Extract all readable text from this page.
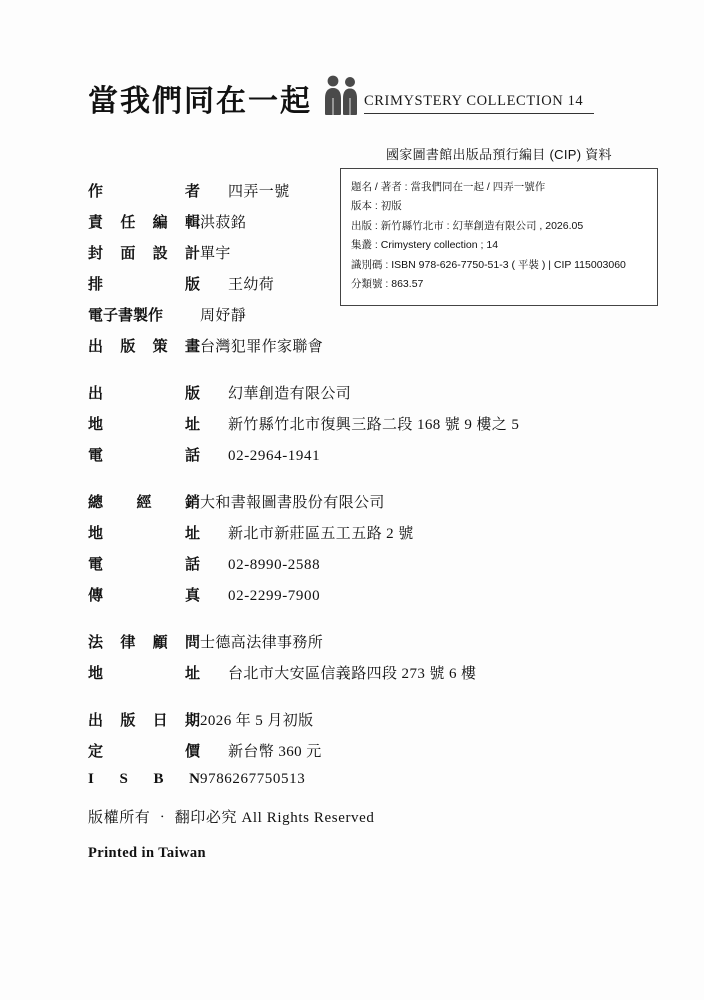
當我們同在一起	CRIMYSTERY COLLECTION 14
國家圖書館出版品預行編目 (CIP) 資料
題名 / 著者 : 當我們同在一起 / 四弄一號作
版本 : 初版
出版 : 新竹縣竹北市 : 幻華創造有限公司 , 2026.05
集叢 : Crimystery collection ; 14
識別碼 : ISBN 978-626-7750-51-3 ( 平裝 ) | CIP 115003060
分類號 : 863.57
作	者 四弄一號
責 任 編 輯 洪菽銘
封 面 設 計 單宇
排	版 王幼荷
電子書製作 周妤靜
出 版 策 畫 台灣犯罪作家聯會
出	版 幻華創造有限公司
地	址 新竹縣竹北市復興三路二段 168 號 9 樓之 5
電	話 02-2964-1941
總 經 銷 大和書報圖書股份有限公司
地	址 新北市新莊區五工五路 2 號
電	話 02-8990-2588
傳	真 02-2299-7900
法 律 顧 問 士德高法律事務所
地	址 台北市大安區信義路四段 273 號 6 樓
出 版 日 期 2026 年 5 月初版
定	價 新台幣 360 元
I S B N 9786267750513
版權所有 ‧ 翻印必究 All Rights Reserved
Printed in Taiwan
